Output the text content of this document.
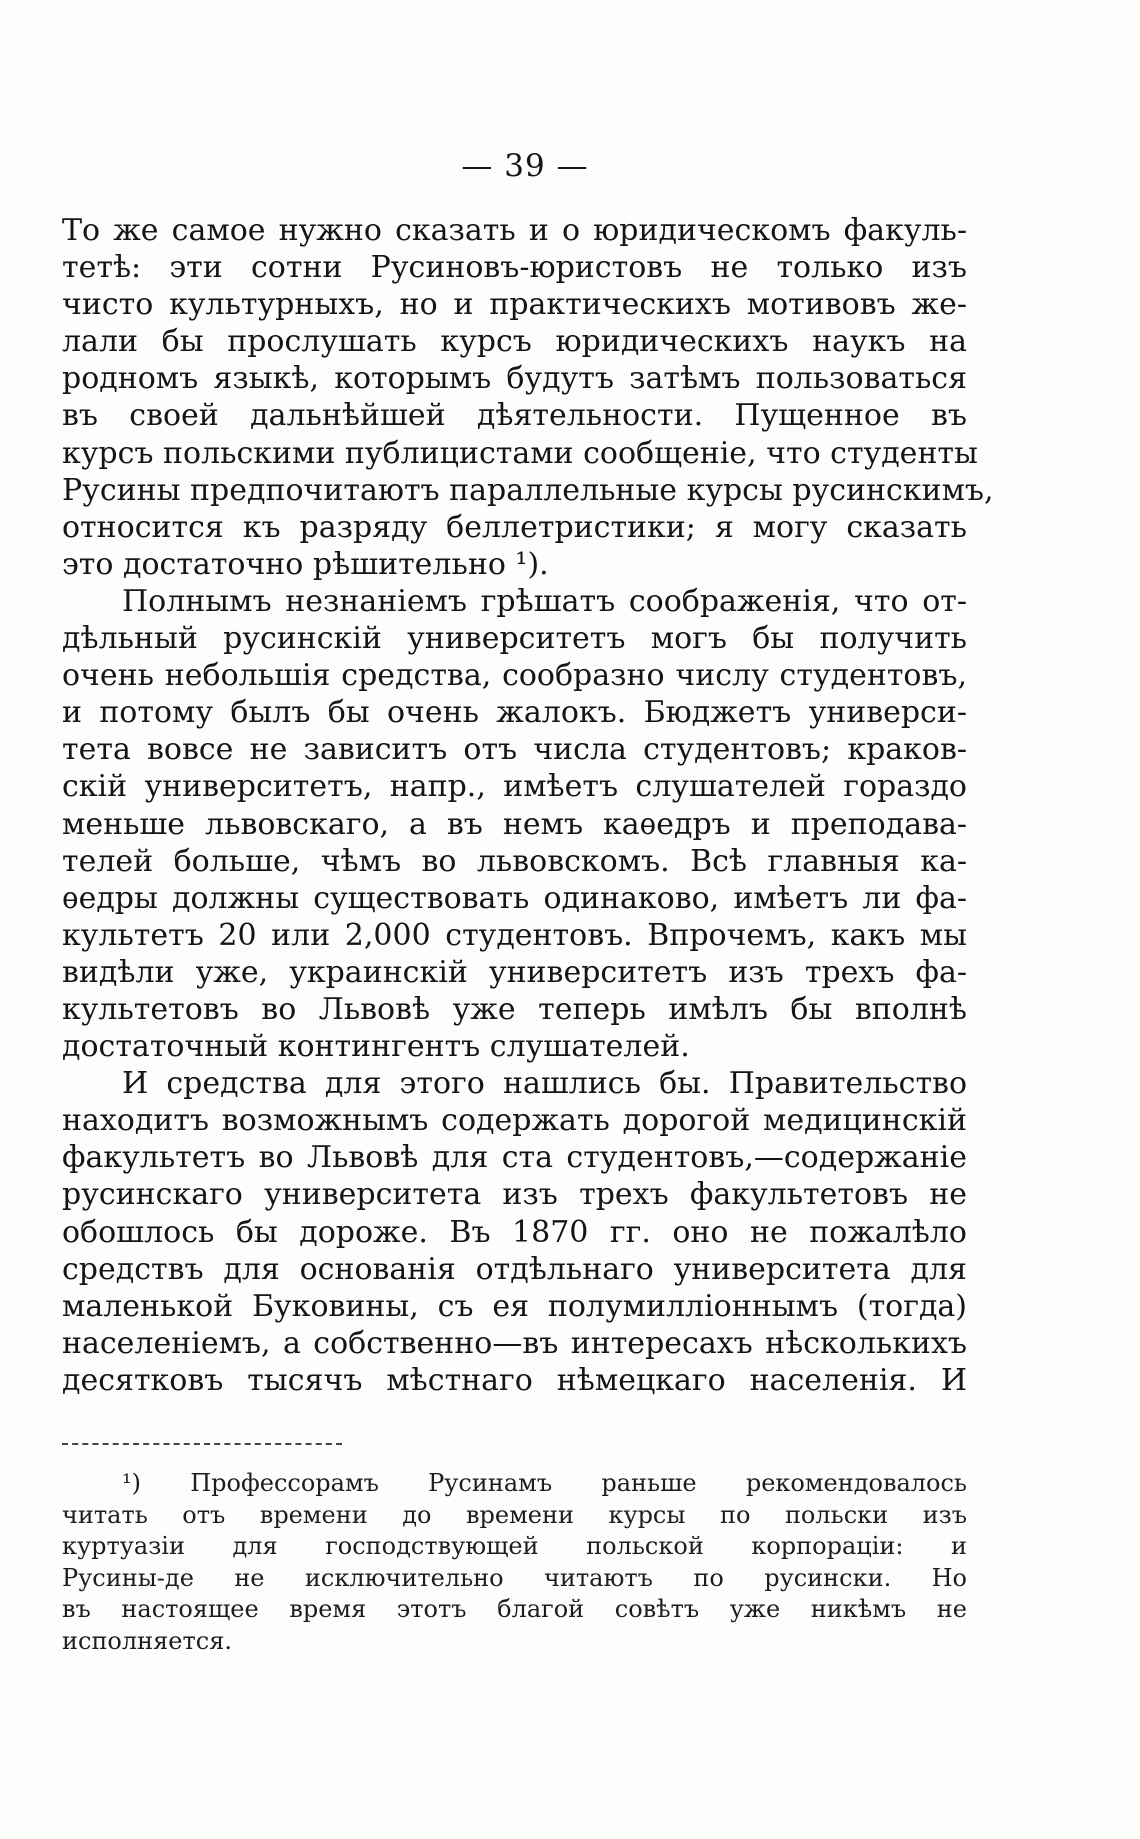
— 39 —
То же самое нужно сказать и о юридическомъ факуль-
тетѣ: эти сотни Русиновъ-юристовъ не только изъ
чисто культурныхъ, но и практическихъ мотивовъ же-
лали бы прослушать курсъ юридическихъ наукъ на
родномъ языкѣ, которымъ будутъ затѣмъ пользоваться
въ своей дальнѣйшей дѣятельности. Пущенное въ
курсъ польскими публицистами сообщеніе, что студенты
Русины предпочитаютъ параллельные курсы русинскимъ,
относится къ разряду беллетристики; я могу сказать
это достаточно рѣшительно ¹).
Полнымъ незнаніемъ грѣшатъ соображенія, что от-
дѣльный русинскій университетъ могъ бы получить
очень небольшія средства, сообразно числу студентовъ,
и потому былъ бы очень жалокъ. Бюджетъ универси-
тета вовсе не зависитъ отъ числа студентовъ; краков-
скій университетъ, напр., имѣетъ слушателей гораздо
меньше львовскаго, а въ немъ каѳедръ и преподава-
телей больше, чѣмъ во львовскомъ. Всѣ главныя ка-
ѳедры должны существовать одинаково, имѣетъ ли фа-
культетъ 20 или 2,000 студентовъ. Впрочемъ, какъ мы
видѣли уже, украинскій университетъ изъ трехъ фа-
культетовъ во Львовѣ уже теперь имѣлъ бы вполнѣ
достаточный контингентъ слушателей.
И средства для этого нашлись бы. Правительство
находитъ возможнымъ содержать дорогой медицинскій
факультетъ во Львовѣ для ста студентовъ,—содержаніе
русинскаго университета изъ трехъ факультетовъ не
обошлось бы дороже. Въ 1870 гг. оно не пожалѣло
средствъ для основанія отдѣльнаго университета для
маленькой Буковины, съ ея полумилліоннымъ (тогда)
населеніемъ, а собственно—въ интересахъ нѣсколькихъ
десятковъ тысячъ мѣстнаго нѣмецкаго населенія. И
¹) Профессорамъ Русинамъ раньше рекомендовалось
читать отъ времени до времени курсы по польски изъ
куртуазіи для господствующей польской корпораціи: и
Русины-де не исключительно читаютъ по русински. Но
въ настоящее время этотъ благой совѣтъ уже никѣмъ не
исполняется.
